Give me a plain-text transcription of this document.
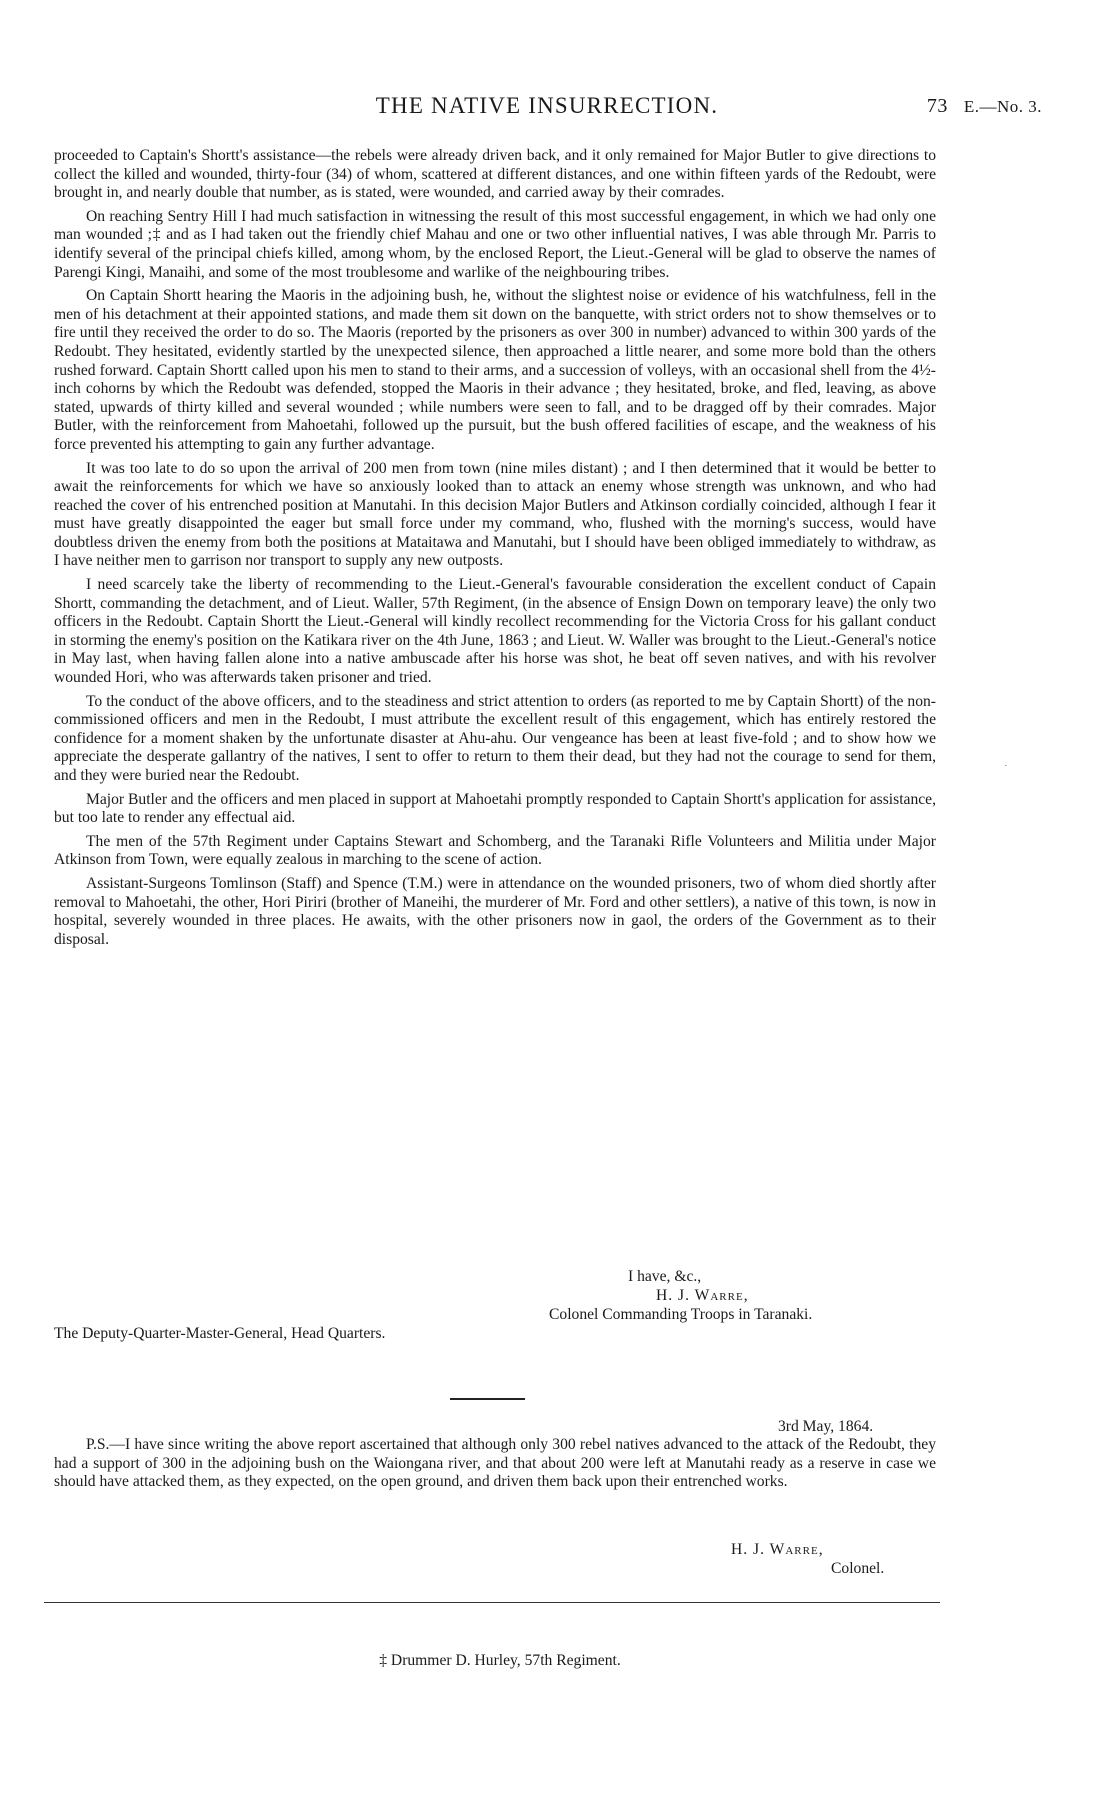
THE NATIVE INSURRECTION.	73 E.—No. 3.

proceeded to Captain's Shortt's assistance—the rebels were already driven back, and it only remained for Major Butler to give directions to collect the killed and wounded, thirty-four (34) of whom, scattered at different distances, and one within fifteen yards of the Redoubt, were brought in, and nearly double that number, as is stated, were wounded, and carried away by their comrades.

On reaching Sentry Hill I had much satisfaction in witnessing the result of this most successful engagement, in which we had only one man wounded ;‡ and as I had taken out the friendly chief Mahau and one or two other influential natives, I was able through Mr. Parris to identify several of the principal chiefs killed, among whom, by the enclosed Report, the Lieut.-General will be glad to observe the names of Parengi Kingi, Manaihi, and some of the most troublesome and warlike of the neighbouring tribes.

On Captain Shortt hearing the Maoris in the adjoining bush, he, without the slightest noise or evidence of his watchfulness, fell in the men of his detachment at their appointed stations, and made them sit down on the banquette, with strict orders not to show themselves or to fire until they received the order to do so. The Maoris (reported by the prisoners as over 300 in number) advanced to within 300 yards of the Redoubt. They hesitated, evidently startled by the unexpected silence, then approached a little nearer, and some more bold than the others rushed forward. Captain Shortt called upon his men to stand to their arms, and a succession of volleys, with an occasional shell from the 4½-inch cohorns by which the Redoubt was defended, stopped the Maoris in their advance ; they hesitated, broke, and fled, leaving, as above stated, upwards of thirty killed and several wounded ; while numbers were seen to fall, and to be dragged off by their comrades. Major Butler, with the reinforcement from Mahoetahi, followed up the pursuit, but the bush offered facilities of escape, and the weakness of his force prevented his attempting to gain any further advantage.

It was too late to do so upon the arrival of 200 men from town (nine miles distant) ; and I then determined that it would be better to await the reinforcements for which we have so anxiously looked than to attack an enemy whose strength was unknown, and who had reached the cover of his entrenched position at Manutahi. In this decision Major Butlers and Atkinson cordially coincided, although I fear it must have greatly disappointed the eager but small force under my command, who, flushed with the morning's success, would have doubtless driven the enemy from both the positions at Mataitawa and Manutahi, but I should have been obliged immediately to withdraw, as I have neither men to garrison nor transport to supply any new outposts.

I need scarcely take the liberty of recommending to the Lieut.-General's favourable consideration the excellent conduct of Capain Shortt, commanding the detachment, and of Lieut. Waller, 57th Regiment, (in the absence of Ensign Down on temporary leave) the only two officers in the Redoubt. Captain Shortt the Lieut.-General will kindly recollect recommending for the Victoria Cross for his gallant conduct in storming the enemy's position on the Katikara river on the 4th June, 1863 ; and Lieut. W. Waller was brought to the Lieut.-General's notice in May last, when having fallen alone into a native ambuscade after his horse was shot, he beat off seven natives, and with his revolver wounded Hori, who was afterwards taken prisoner and tried.

To the conduct of the above officers, and to the steadiness and strict attention to orders (as reported to me by Captain Shortt) of the non-commissioned officers and men in the Redoubt, I must attribute the excellent result of this engagement, which has entirely restored the confidence for a moment shaken by the unfortunate disaster at Ahu-ahu. Our vengeance has been at least five-fold ; and to show how we appreciate the desperate gallantry of the natives, I sent to offer to return to them their dead, but they had not the courage to send for them, and they were buried near the Redoubt.

Major Butler and the officers and men placed in support at Mahoetahi promptly responded to Captain Shortt's application for assistance, but too late to render any effectual aid.

The men of the 57th Regiment under Captains Stewart and Schomberg, and the Taranaki Rifle Volunteers and Militia under Major Atkinson from Town, were equally zealous in marching to the scene of action.

Assistant-Surgeons Tomlinson (Staff) and Spence (T.M.) were in attendance on the wounded prisoners, two of whom died shortly after removal to Mahoetahi, the other, Hori Piriri (brother of Maneihi, the murderer of Mr. Ford and other settlers), a native of this town, is now in hospital, severely wounded in three places. He awaits, with the other prisoners now in gaol, the orders of the Government as to their disposal.

I have, &c.,
H. J. Warre,
Colonel Commanding Troops in Taranaki.
The Deputy-Quarter-Master-General, Head Quarters.
3rd May, 1864.

P.S.—I have since writing the above report ascertained that although only 300 rebel natives advanced to the attack of the Redoubt, they had a support of 300 in the adjoining bush on the Waiongana river, and that about 200 were left at Manutahi ready as a reserve in case we should have attacked them, as they expected, on the open ground, and driven them back upon their entrenched works.

H. J. Warre,
Colonel.
‡ Drummer D. Hurley, 57th Regiment.
·
